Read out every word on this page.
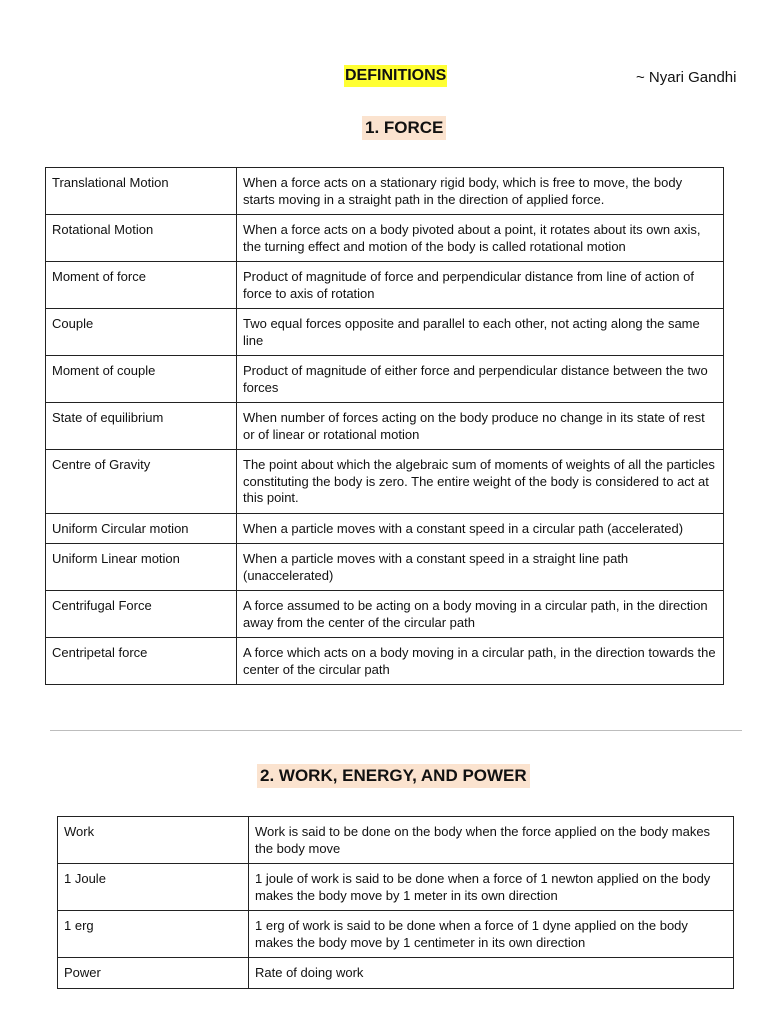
DEFINITIONS	~ Nyari Gandhi
1. FORCE
Translational Motion	When a force acts on a stationary rigid body, which is free to move, the body starts moving in a straight path in the direction of applied force.
Rotational Motion	When a force acts on a body pivoted about a point, it rotates about its own axis, the turning effect and motion of the body is called rotational motion
Moment of force	Product of magnitude of force and perpendicular distance from line of action of force to axis of rotation
Couple	Two equal forces opposite and parallel to each other, not acting along the same line
Moment of couple	Product of magnitude of either force and perpendicular distance between the two forces
State of equilibrium	When number of forces acting on the body produce no change in its state of rest or of linear or rotational motion
Centre of Gravity	The point about which the algebraic sum of moments of weights of all the particles constituting the body is zero. The entire weight of the body is considered to act at this point.
Uniform Circular motion	When a particle moves with a constant speed in a circular path (accelerated)
Uniform Linear motion	When a particle moves with a constant speed in a straight line path (unaccelerated)
Centrifugal Force	A force assumed to be acting on a body moving in a circular path, in the direction away from the center of the circular path
Centripetal force	A force which acts on a body moving in a circular path, in the direction towards the center of the circular path
2. WORK, ENERGY, AND POWER
Work	Work is said to be done on the body when the force applied on the body makes the body move
1 Joule	1 joule of work is said to be done when a force of 1 newton applied on the body makes the body move by 1 meter in its own direction
1 erg	1 erg of work is said to be done when a force of 1 dyne applied on the body makes the body move by 1 centimeter in its own direction
Power	Rate of doing work
